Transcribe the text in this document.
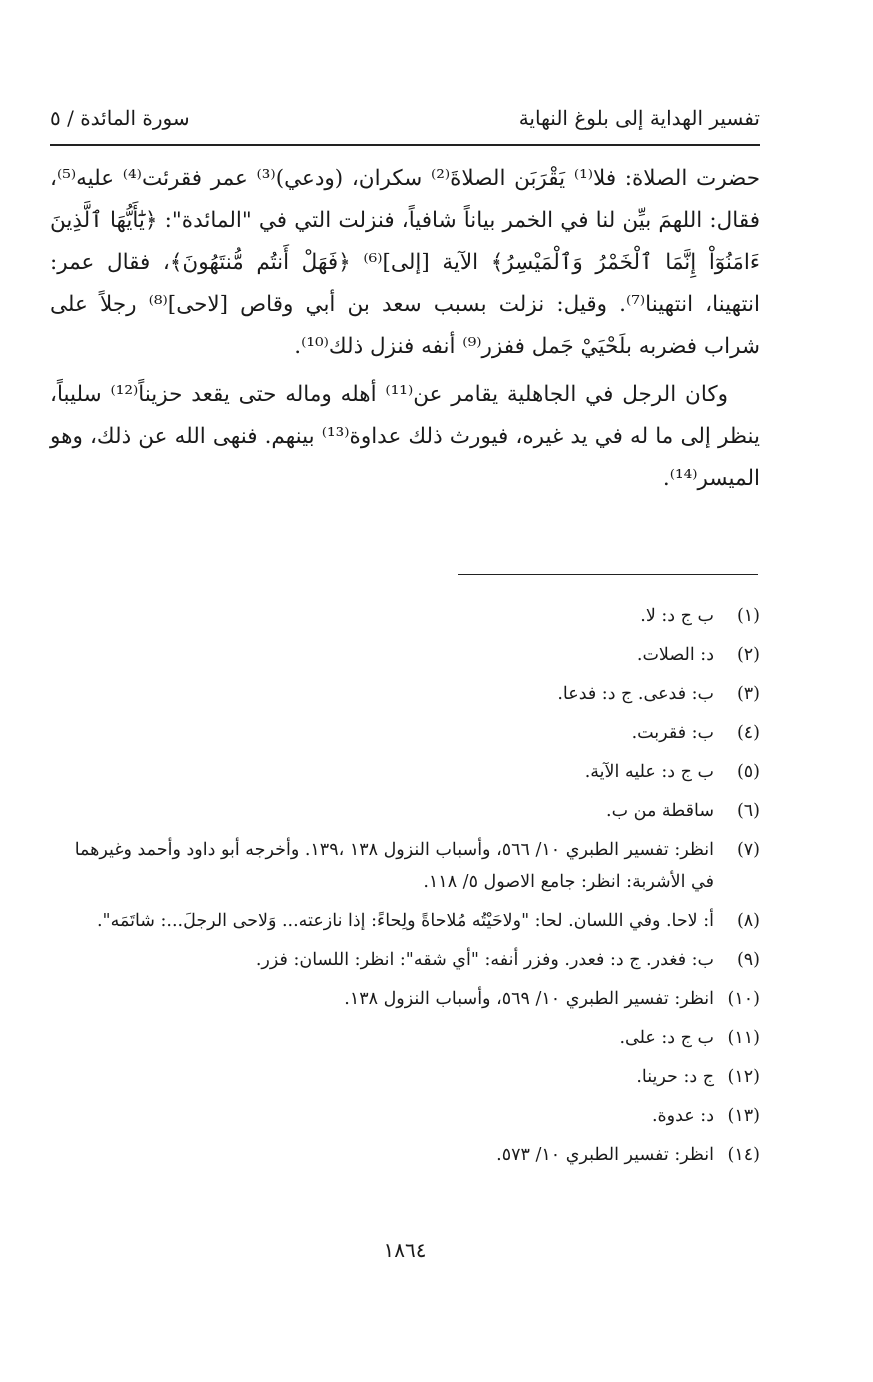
تفسير الهداية إلى بلوغ النهاية
سورة المائدة / ٥

حضرت الصلاة: فلا⁽¹⁾ يَقْرَبَن الصلاةَ⁽²⁾ سكران، (ودعي)⁽³⁾ عمر فقرئت⁽⁴⁾ عليه⁽⁵⁾، فقال: اللهمَ بيِّن لنا في الخمر بياناً شافياً، فنزلت التي في "المائدة": ﴿يَٰٓأَيُّهَا ٱلَّذِينَ ءَامَنُوٓاْ إِنَّمَا ٱلْخَمْرُ وَٱلْمَيْسِرُ﴾ الآية [إلى]⁽⁶⁾ ﴿فَهَلْ أَنتُم مُّنتَهُونَ﴾، فقال عمر: انتهينا، انتهينا⁽⁷⁾. وقيل: نزلت بسبب سعد بن أبي وقاص [لاحى]⁽⁸⁾ رجلاً على شراب فضربه بلَحْيَيْ جَمل ففزر⁽⁹⁾ أنفه فنزل ذلك⁽¹⁰⁾.

وكان الرجل في الجاهلية يقامر عن⁽¹¹⁾ أهله وماله حتى يقعد حزيناً⁽¹²⁾ سليباً، ينظر إلى ما له في يد غيره، فيورث ذلك عداوة⁽¹³⁾ بينهم. فنهى الله عن ذلك، وهو الميسر⁽¹⁴⁾.

(١)
ب ج د: لا.
(٢)
د: الصلات.
(٣)
ب: فدعى. ج د: فدعا.
(٤)
ب: فقربت.
(٥)
ب ج د: عليه الآية.
(٦)
ساقطة من ب.
(٧)
انظر: تفسير الطبري ١٠/ ٥٦٦، وأسباب النزول ١٣٨ ،١٣٩. وأخرجه أبو داود وأحمد وغيرهما في الأشربة: انظر: جامع الاصول ٥/ ١١٨.
(٨)
أ: لاحا. وفي اللسان. لحا: "ولاحَيْتُه مُلاحاةً ولِحاءً: إذا نازعته... وَلاحى الرجلَ...: شاتَمَه".
(٩)
ب: فغدر. ج د: فعدر. وفزر أنفه: "أي شقه": انظر: اللسان: فزر.
(١٠)
انظر: تفسير الطبري ١٠/ ٥٦٩، وأسباب النزول ١٣٨.
(١١)
ب ج د: على.
(١٢)
ج د: حرينا.
(١٣)
د: عدوة.
(١٤)
انظر: تفسير الطبري ١٠/ ٥٧٣.
١٨٦٤
